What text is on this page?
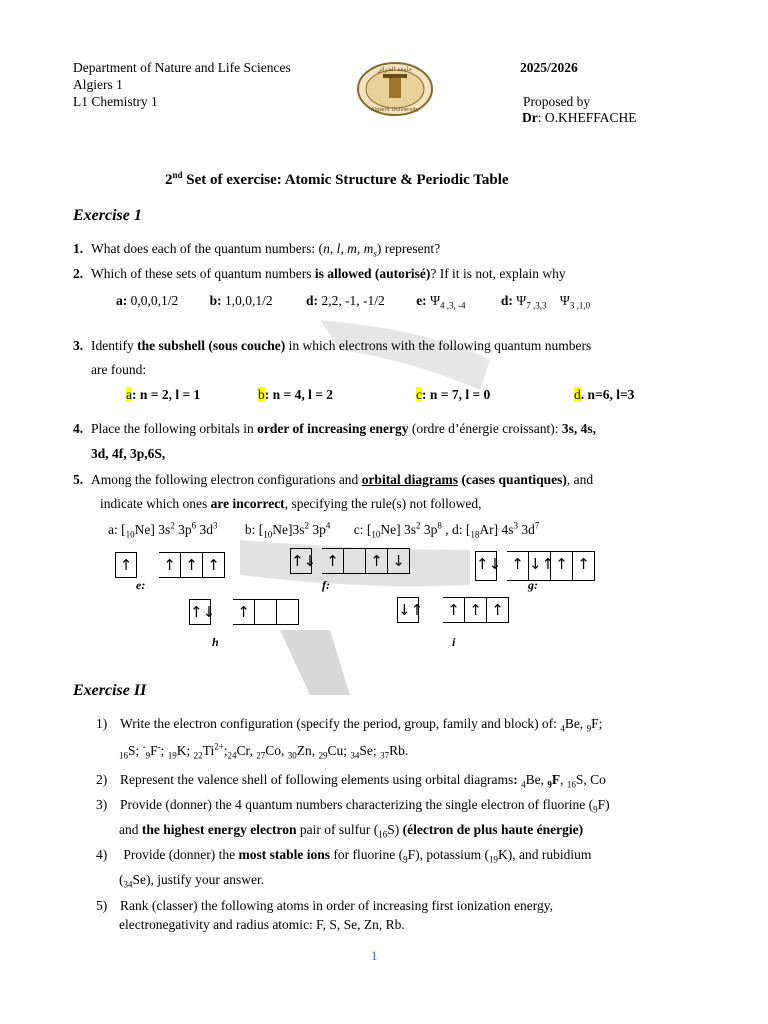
Department of Nature and Life Sciences
Algiers 1
L1 Chemistry 1
2025/2026
Proposed by
Dr: O.KHEFFACHE
جامعة الجزائر
Algiers University
2nd Set of exercise: Atomic Structure & Periodic Table
Exercise 1
1. What does each of the quantum numbers: (n, l, m, $m_s$) represent?
2. Which of these sets of quantum numbers is allowed (autorisé)? If it is not, explain why
a: 0,0,0,1/2 b: 1,0,0,1/2 d: 2,2, -1, -1/2 e: $\Psi_{4 ,3, -4}$	d: $\Psi_{7 ,3,3}$ $\Psi_{3 ,1,0}$
3. Identify the subshell (sous couche) in which electrons with the following quantum numbers
are found:
a: n = 2, l = 1	b: n = 4, l = 2	c: n = 7, l = 0	d. n=6, l=3
4. Place the following orbitals in order of increasing energy (ordre d’énergie croissant): 3s, 4s,
3d, 4f, 3p,6S,
5. Among the following electron configurations and orbital diagrams (cases quantiques), and
indicate which ones are incorrect, specifying the rule(s) not followed,
a: $[_{10}Ne]$ $3s^2$ $3p^6$ $3d^3$ b: $[_{10}Ne]3s^2$ $3p^4$ c: $[_{10}Ne]$ $3s^2$ $3p^8$ , d: $[_{18}Ar]$ $4s^3$ $3d^7$
↑ ↑ ↑ ↑
e:
↑↓ ↑ ↑ ↓
f:
↑↓ ↑ ↓↑↑ ↑
g:
↑↓ ↑
h
↓↑ ↑ ↑ ↑
i
Exercise II
1) Write the electron configuration (specify the period, group, family and block) of: $_4$Be, $_9$F;
$_{16}$S; -$_9$F-; $_{19}$K; $_{22}Ti^{2+};_{24}Cr$, $_{27}$Co, $_{30}$Zn, $_{29}$Cu; $_{34}$Se; $_{37}$Rb.
2) Represent the valence shell of following elements using orbital diagrams: $_4$Be, $_9$F, $_{16}$S, Co
3) Provide (donner) the 4 quantum numbers characterizing the single electron of fluorine $(_9F)$
and the highest energy electron pair of sulfur $(_{16}S)$ (électron de plus haute énergie)
4) Provide (donner) the most stable ions for fluorine $(_9F)$, potassium $(_{19}K)$, and rubidium
$(_{34}Se)$, justify your answer.
5) Rank (classer) the following atoms in order of increasing first ionization energy,
electronegativity and radius atomic: F, S, Se, Zn, Rb.
1
